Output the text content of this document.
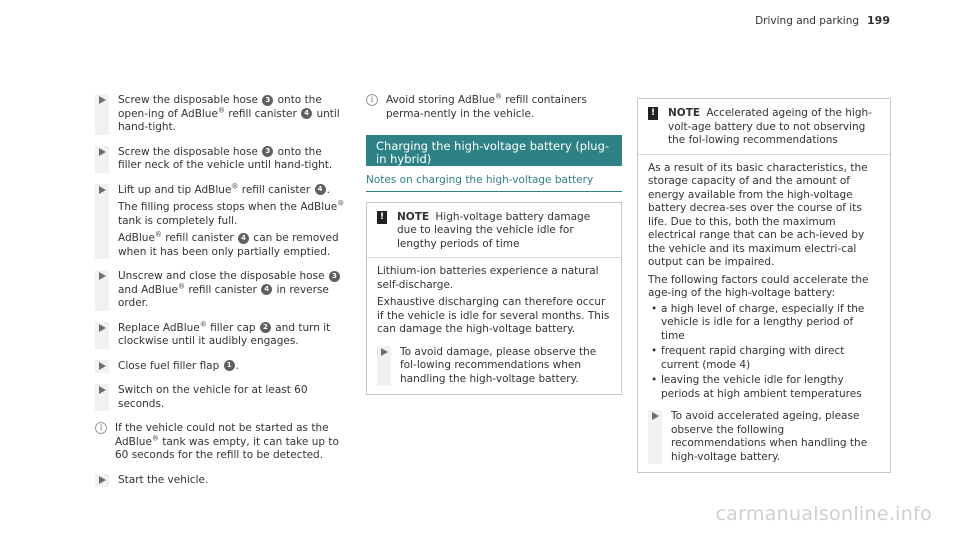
Driving and parking 199

Screw the disposable hose 3 onto the open-ing of AdBlue® refill canister 4 until hand-tight.

Screw the disposable hose 3 onto the filler neck of the vehicle until hand-tight.

Lift up and tip AdBlue® refill canister 4 .

The filling process stops when the AdBlue® tank is completely full.

AdBlue® refill canister 4 can be removed when it has been only partially emptied.

Unscrew and close the disposable hose 3 and AdBlue® refill canister 4 in reverse order.

Replace AdBlue® filler cap 2 and turn it clockwise until it audibly engages.

Close fuel filler flap 1 .

Switch on the vehicle for at least 60 seconds.

i	If the vehicle could not be started as the AdBlue® tank was empty, it can take up to 60 seconds for the refill to be detected.

Start the vehicle.

i	Avoid storing AdBlue® refill containers perma-nently in the vehicle.

Charging the high-voltage battery (plug-in hybrid)
Notes on charging the high-voltage battery
! NOTE High-voltage battery damage due to leaving the vehicle idle for lengthy periods of time

Lithium-ion batteries experience a natural self-discharge.

Exhaustive discharging can therefore occur if the vehicle is idle for several months. This can damage the high-voltage battery.

To avoid damage, please observe the fol-lowing recommendations when handling the high-voltage battery.

! NOTE Accelerated ageing of the high-volt-age battery due to not observing the fol-lowing recommendations

As a result of its basic characteristics, the storage capacity of and the amount of energy available from the high-voltage battery decrea-ses over the course of its life. Due to this, both the maximum electrical range that can be ach-ieved by the vehicle and its maximum electri-cal output can be impaired.

The following factors could accelerate the age-ing of the high-voltage battery:

• a high level of charge, especially if the vehicle is idle for a lengthy period of time
• frequent rapid charging with direct current (mode 4)
• leaving the vehicle idle for lengthy periods at high ambient temperatures

To avoid accelerated ageing, please observe the following recommendations when handling the high-voltage battery.

carmanualsonline.info
